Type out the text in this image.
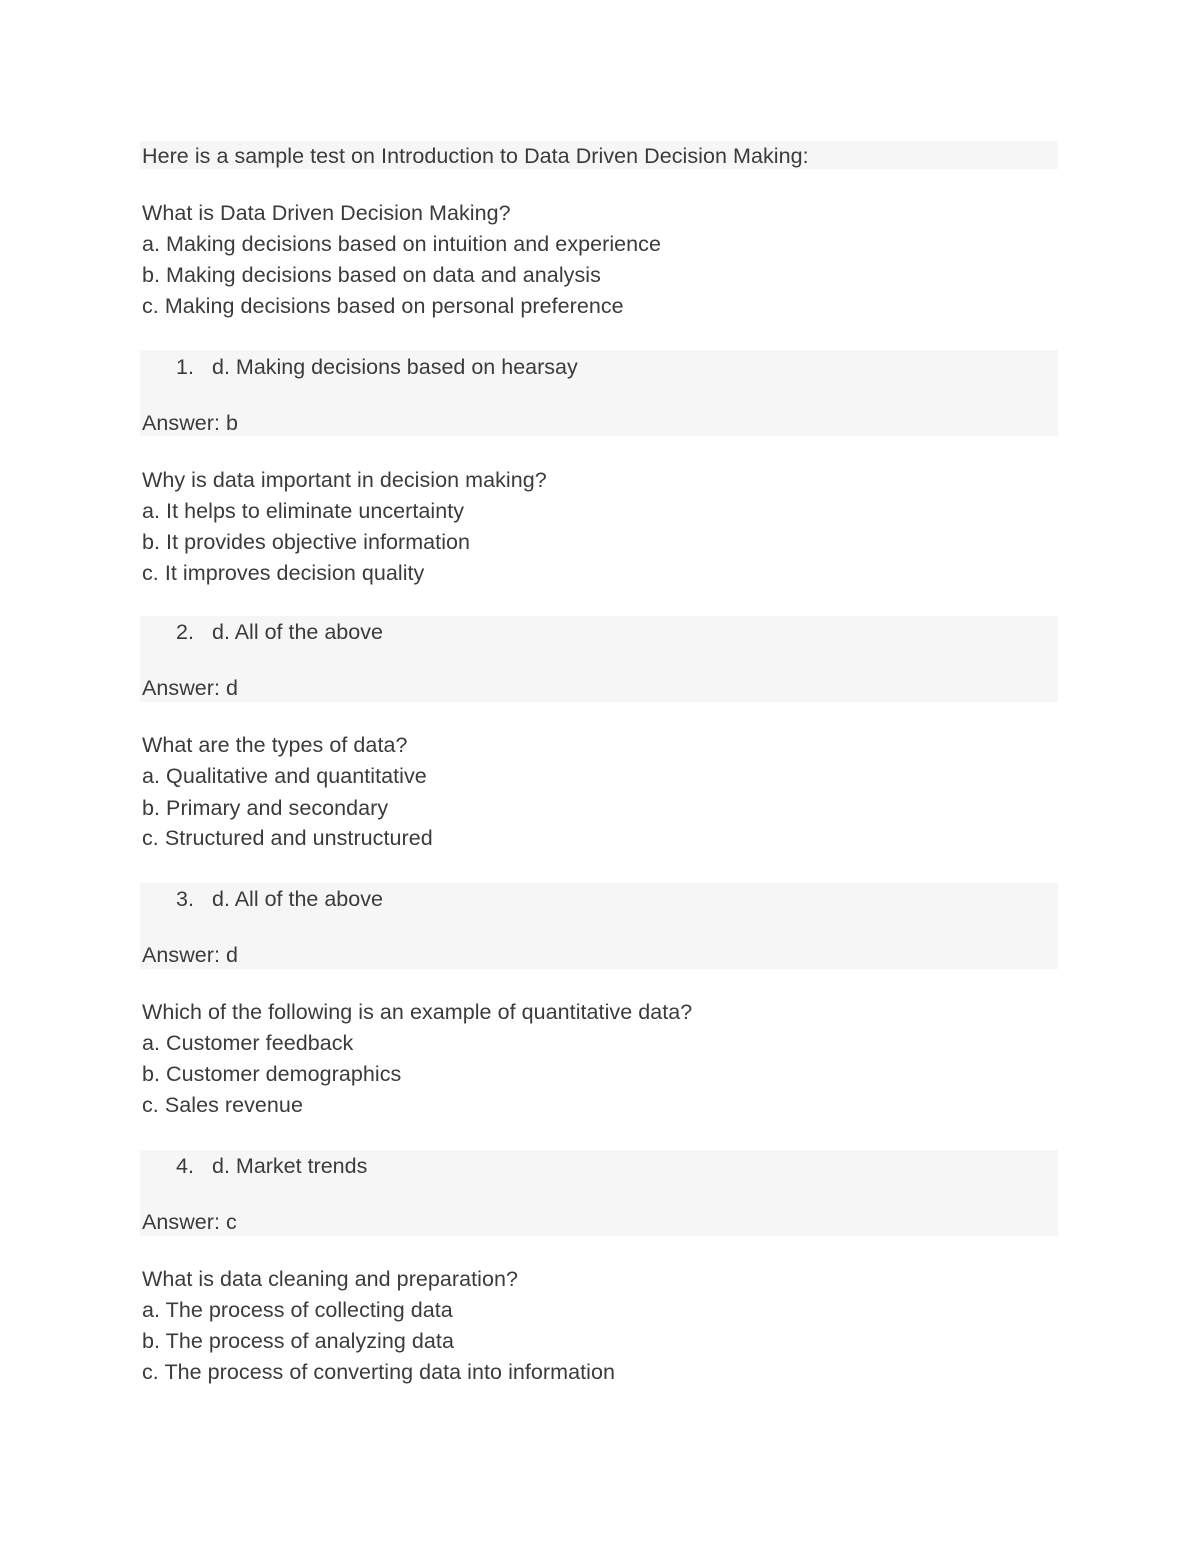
Here is a sample test on Introduction to Data Driven Decision Making:
What is Data Driven Decision Making?
a. Making decisions based on intuition and experience
b. Making decisions based on data and analysis
c. Making decisions based on personal preference
1. d. Making decisions based on hearsay
Answer: b
Why is data important in decision making?
a. It helps to eliminate uncertainty
b. It provides objective information
c. It improves decision quality
2. d. All of the above
Answer: d
What are the types of data?
a. Qualitative and quantitative
b. Primary and secondary
c. Structured and unstructured
3. d. All of the above
Answer: d
Which of the following is an example of quantitative data?
a. Customer feedback
b. Customer demographics
c. Sales revenue
4. d. Market trends
Answer: c
What is data cleaning and preparation?
a. The process of collecting data
b. The process of analyzing data
c. The process of converting data into information
